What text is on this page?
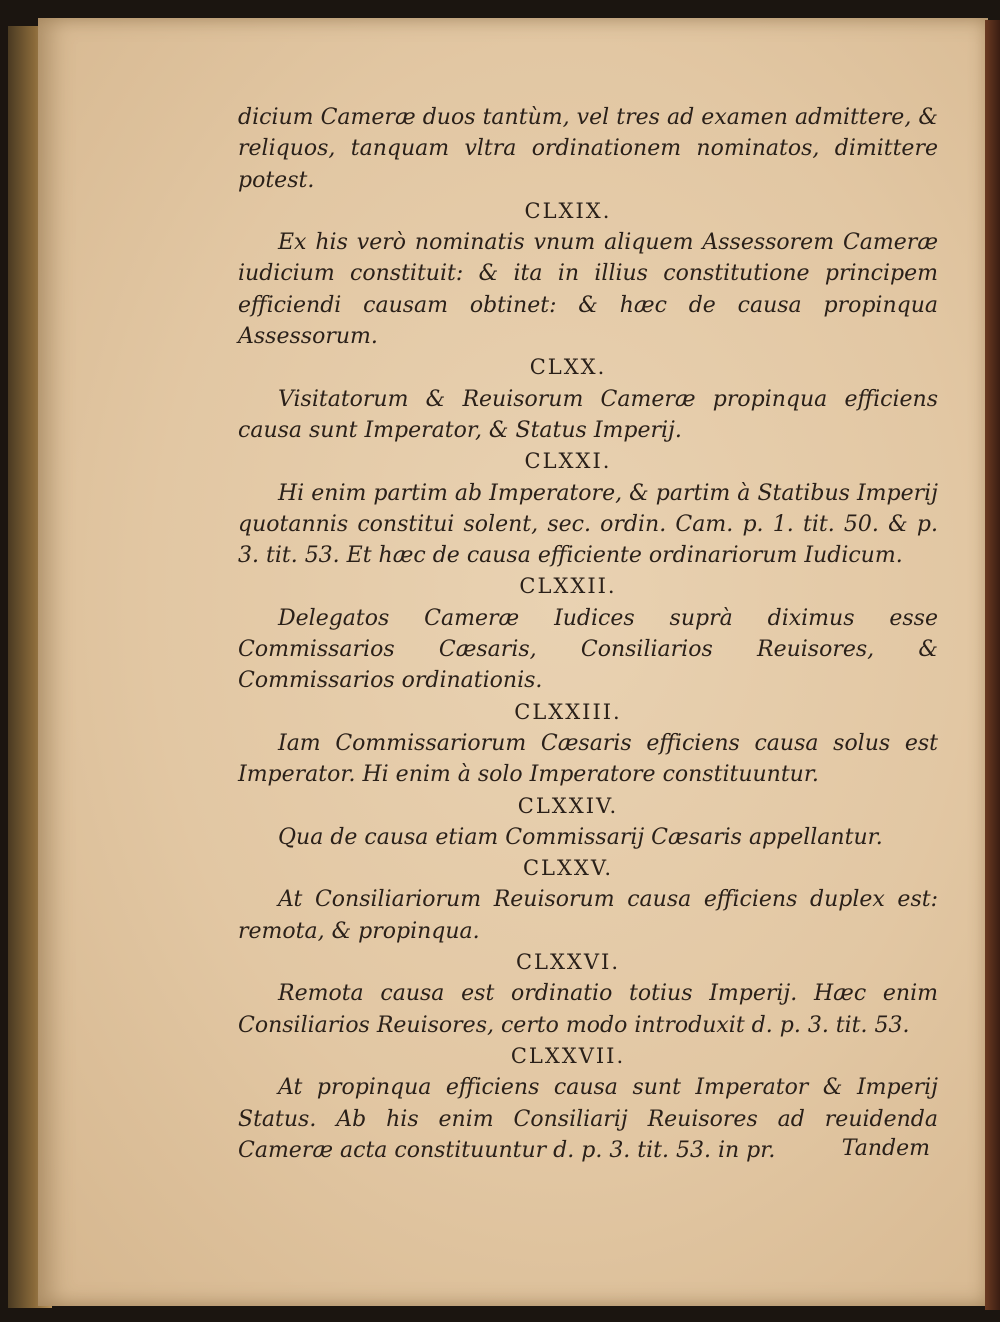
dicium Cameræ duos tantùm, vel tres ad examen admittere, & reliquos, tanquam vltra ordinationem nominatos, dimittere potest.

CLXIX.

Ex his verò nominatis vnum aliquem Assessorem Cameræ iudicium constituit: & ita in illius constitutione principem efficiendi causam obtinet: & hæc de causa propinqua Assessorum.

CLXX.

Visitatorum & Reuisorum Cameræ propinqua efficiens causa sunt Imperator, & Status Imperij.

CLXXI.

Hi enim partim ab Imperatore, & partim à Statibus Imperij quotannis constitui solent, sec. ordin. Cam. p. 1. tit. 50. & p. 3. tit. 53. Et hæc de causa efficiente ordinariorum Iudicum.

CLXXII.

Delegatos Cameræ Iudices suprà diximus esse Commissarios Cæsaris, Consiliarios Reuisores, & Commissarios ordinationis.

CLXXIII.

Iam Commissariorum Cæsaris efficiens causa solus est Imperator. Hi enim à solo Imperatore constituuntur.

CLXXIV.

Qua de causa etiam Commissarij Cæsaris appellantur.

CLXXV.

At Consiliariorum Reuisorum causa efficiens duplex est: remota, & propinqua.

CLXXVI.

Remota causa est ordinatio totius Imperij. Hæc enim Consiliarios Reuisores, certo modo introduxit d. p. 3. tit. 53.

CLXXVII.

At propinqua efficiens causa sunt Imperator & Imperij Status. Ab his enim Consiliarij Reuisores ad reuidenda Cameræ acta constituuntur d. p. 3. tit. 53. in pr.	Tandem
